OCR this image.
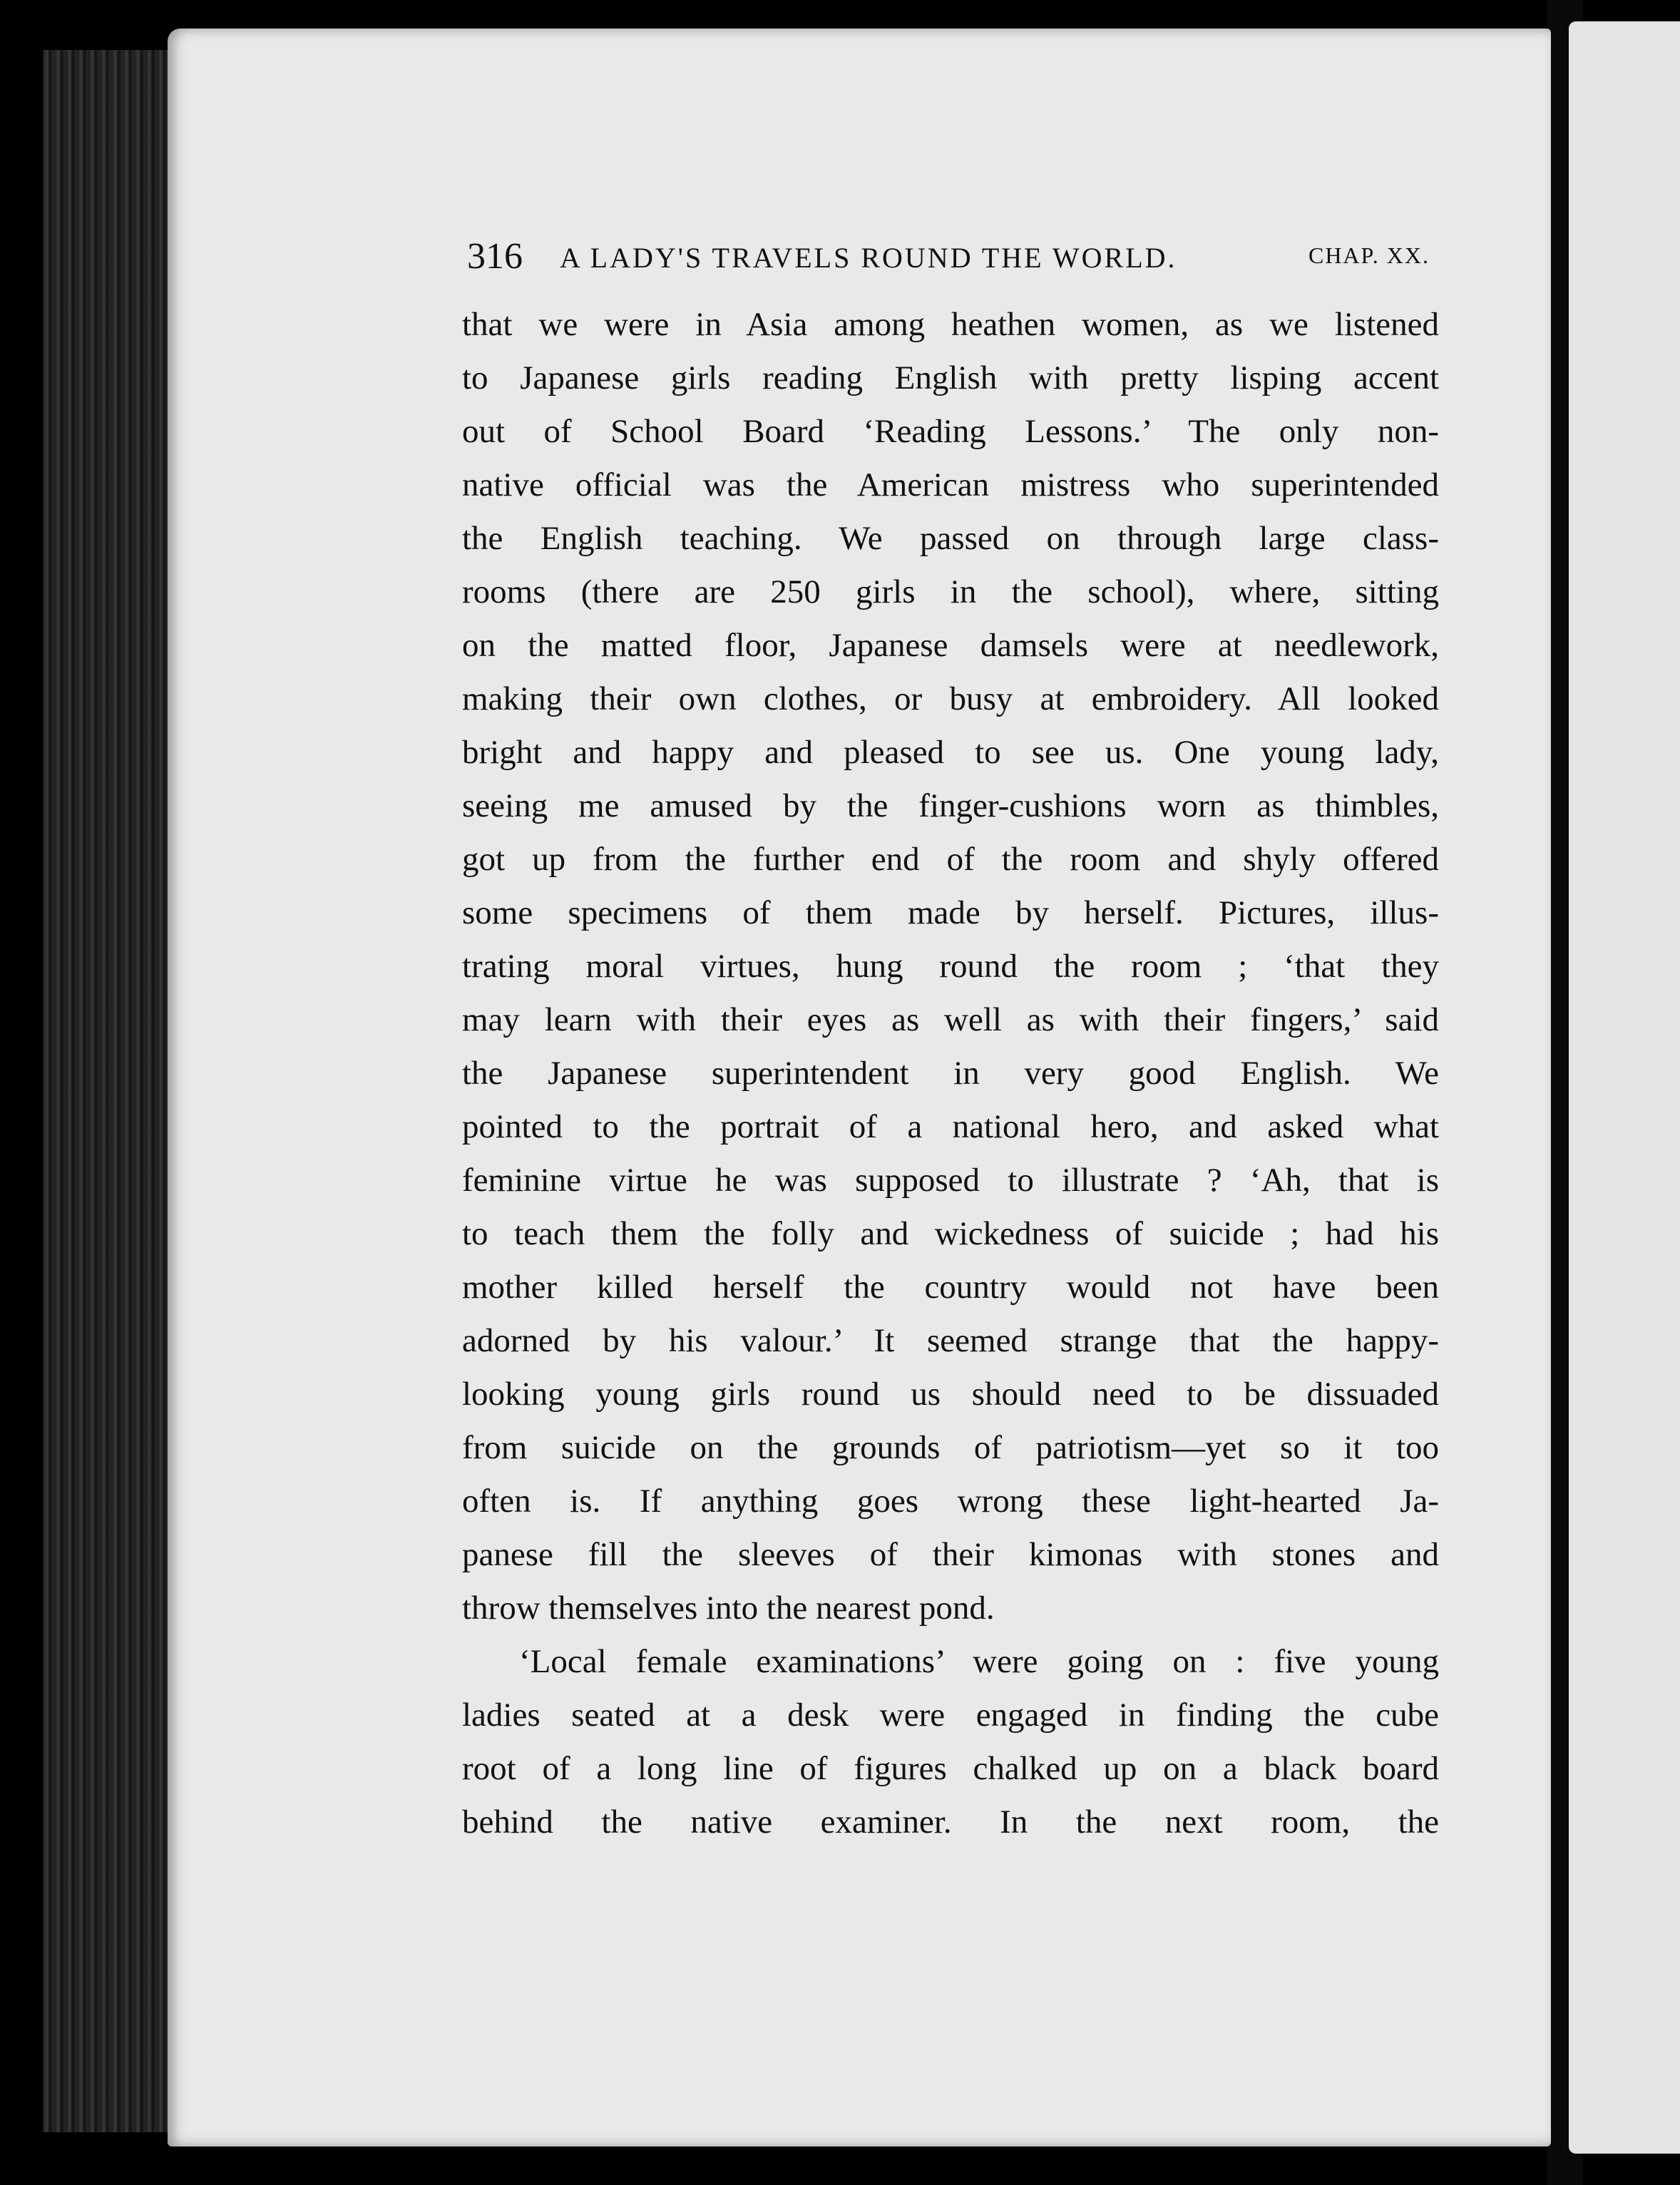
316 A LADY'S TRAVELS ROUND THE WORLD.	CHAP. XX.
that we were in Asia among heathen women, as we listened
to Japanese girls reading English with pretty lisping accent
out of School Board ‘Reading Lessons.’ The only non-
native official was the American mistress who superintended
the English teaching. We passed on through large class-
rooms (there are 250 girls in the school), where, sitting
on the matted floor, Japanese damsels were at needlework,
making their own clothes, or busy at embroidery. All looked
bright and happy and pleased to see us. One young lady,
seeing me amused by the finger-cushions worn as thimbles,
got up from the further end of the room and shyly offered
some specimens of them made by herself. Pictures, illus-
trating moral virtues, hung round the room ; ‘that they
may learn with their eyes as well as with their fingers,’ said
the Japanese superintendent in very good English. We
pointed to the portrait of a national hero, and asked what
feminine virtue he was supposed to illustrate ? ‘Ah, that is
to teach them the folly and wickedness of suicide ; had his
mother killed herself the country would not have been
adorned by his valour.’ It seemed strange that the happy-
looking young girls round us should need to be dissuaded
from suicide on the grounds of patriotism—yet so it too
often is. If anything goes wrong these light-hearted Ja-
panese fill the sleeves of their kimonas with stones and
throw themselves into the nearest pond.
‘Local female examinations’ were going on : five young
ladies seated at a desk were engaged in finding the cube
root of a long line of figures chalked up on a black board
behind the native examiner. In the next room, the
